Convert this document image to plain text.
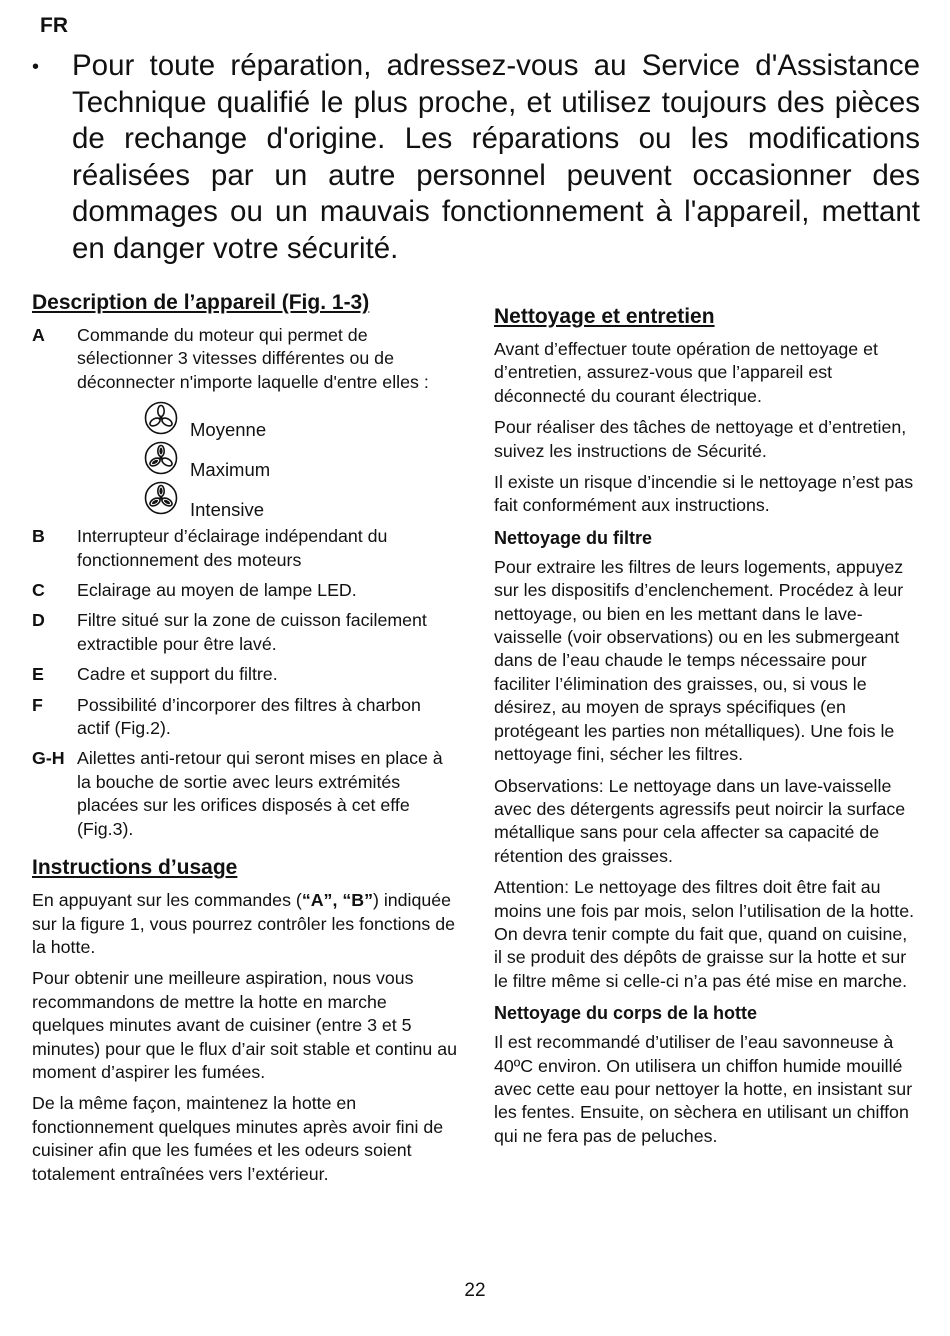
FR
•	Pour toute réparation, adressez-vous au Service d'Assistance Technique qualifié le plus proche, et utilisez toujours des pièces de rechange d'origine. Les réparations ou les modifications réalisées par un autre personnel peuvent occasionner des dommages ou un mauvais fonctionnement à l'appareil, mettant en danger votre sécurité.
Description de l’appareil (Fig. 1-3)
A	Commande du moteur qui permet de sélectionner 3 vitesses différentes ou de déconnecter n'importe laquelle d'entre elles :
Moyenne
Maximum
Intensive
B	Interrupteur d’éclairage indépendant du fonctionnement des moteurs
C	Eclairage au moyen de lampe LED.
D	Filtre situé sur la zone de cuisson facilement extractible pour être lavé.
E	Cadre et support du filtre.
F	Possibilité d’incorporer des filtres à charbon actif (Fig.2).
G-H Ailettes anti-retour qui seront mises en place à la bouche de sortie avec leurs extrémités placées sur les orifices disposés à cet effe (Fig.3).
Instructions d’usage

En appuyant sur les commandes (“A”, “B”) indiquée sur la figure 1, vous pourrez contrôler les fonctions de la hotte.

Pour obtenir une meilleure aspiration, nous vous recommandons de mettre la hotte en marche quelques minutes avant de cuisiner (entre 3 et 5 minutes) pour que le flux d’air soit stable et continu au moment d’aspirer les fumées.

De la même façon, maintenez la hotte en fonctionnement quelques minutes après avoir fini de cuisiner afin que les fumées et les odeurs soient totalement entraînées vers l’extérieur.

Nettoyage et entretien

Avant d’effectuer toute opération de nettoyage et d’entretien, assurez-vous que l’appareil est déconnecté du courant électrique.

Pour réaliser des tâches de nettoyage et d’entretien, suivez les instructions de Sécurité.

Il existe un risque d’incendie si le nettoyage n’est pas fait conformément aux instructions.

Nettoyage du filtre

Pour extraire les filtres de leurs logements, appuyez sur les dispositifs d’enclenchement. Procédez à leur nettoyage, ou bien en les mettant dans le lave-vaisselle (voir observations) ou en les submergeant dans de l’eau chaude le temps nécessaire pour faciliter l’élimination des graisses, ou, si vous le désirez, au moyen de sprays spécifiques (en protégeant les parties non métalliques). Une fois le nettoyage fini, sécher les filtres.

Observations: Le nettoyage dans un lave-vaisselle avec des détergents agressifs peut noircir la surface métallique sans pour cela affecter sa capacité de rétention des graisses.

Attention: Le nettoyage des filtres doit être fait au moins une fois par mois, selon l’utilisation de la hotte. On devra tenir compte du fait que, quand on cuisine, il se produit des dépôts de graisse sur la hotte et sur le filtre même si celle-ci n’a pas été mise en marche.

Nettoyage du corps de la hotte

Il est recommandé d’utiliser de l’eau savonneuse à 40ºC environ. On utilisera un chiffon humide mouillé avec cette eau pour nettoyer la hotte, en insistant sur les fentes. Ensuite, on sèchera en utilisant un chiffon qui ne fera pas de peluches.

22
